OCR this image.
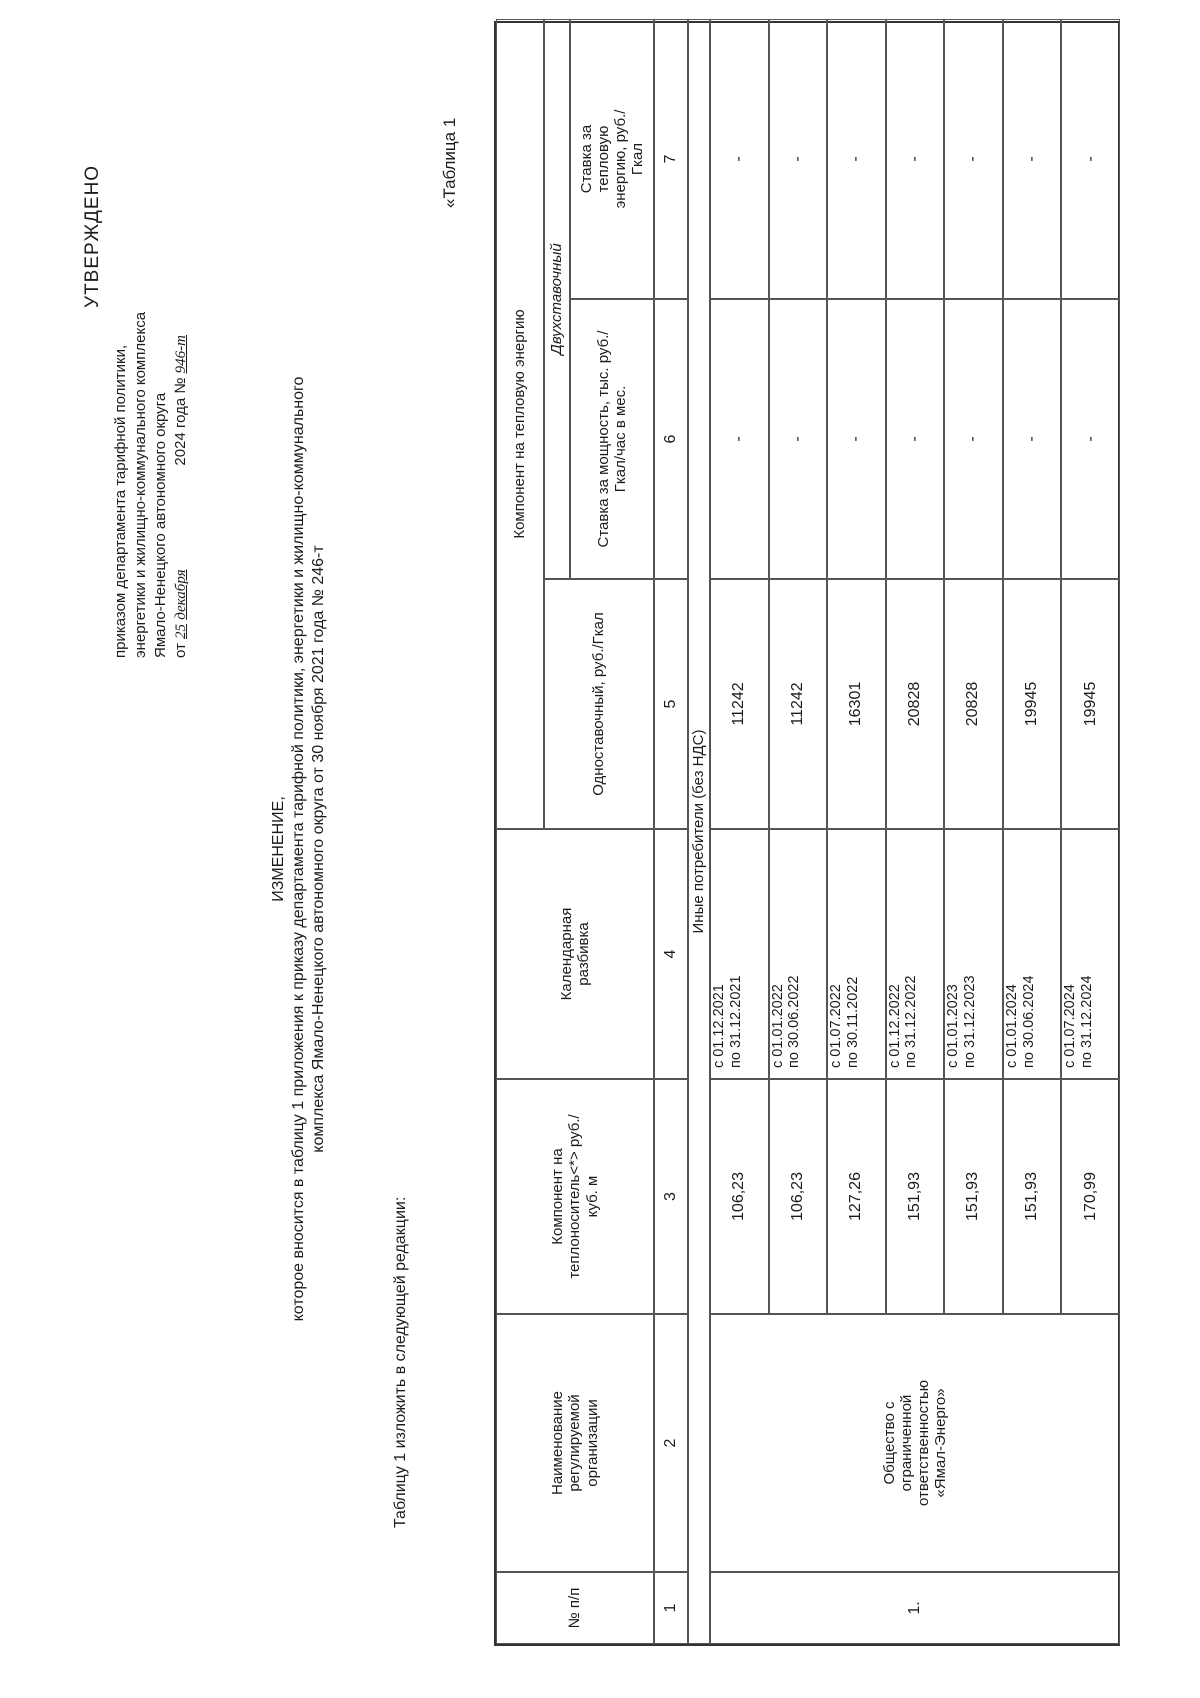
УТВЕРЖДЕНО
приказом департамента тарифной политики, энергетики и жилищно-коммунального комплекса Ямало-Ненецкого автономного округа от 25 декабря 2024 года № 946-т
«Таблица 1
ИЗМЕНЕНИЕ, которое вносится в таблицу 1 приложения к приказу департамента тарифной политики, энергетики и жилищно-коммунального комплекса Ямало-Ненецкого автономного округа от 30 ноября 2021 года № 246-т
Таблицу 1 изложить в следующей редакции:
№ п/п
Наименование регулируемой организации
Компонент на теплоноситель<*> руб./куб. м
Календарная разбивка
Компонент на тепловую энергию
Одноставочный, руб./Гкал
Двухставочный
Ставка за мощность, тыс. руб./Гкал/час в мес.
Ставка за тепловую энергию, руб./Гкал
1
2
3
4
5
6
7
Иные потребители (без НДС)
1.
Общество с ограниченной ответственностью «Ямал-Энерго»
106,23
с 01.12.2021 по 31.12.2021
11242
-
-
106,23
с 01.01.2022 по 30.06.2022
11242
-
-
127,26
с 01.07.2022 по 30.11.2022
16301
-
-
151,93
с 01.12.2022 по 31.12.2022
20828
-
-
151,93
с 01.01.2023 по 31.12.2023
20828
-
-
151,93
с 01.01.2024 по 30.06.2024
19945
-
-
170,99
с 01.07.2024 по 31.12.2024
19945
-
-
